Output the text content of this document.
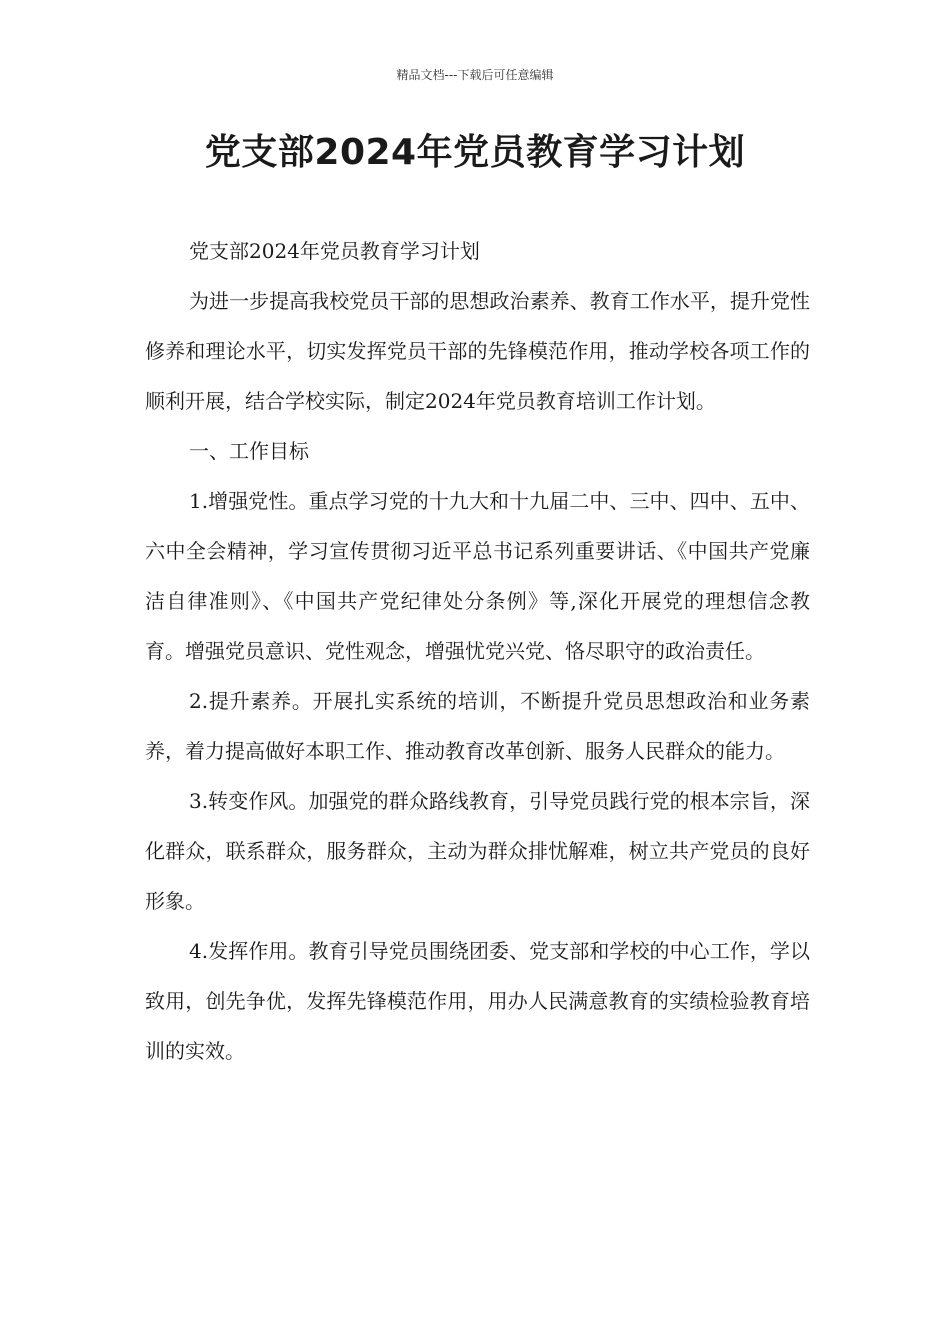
精品文档---下载后可任意编辑
党支部2024年党员教育学习计划

党支部2024年党员教育学习计划

为进一步提高我校党员干部的思想政治素养、教育工作水平，提升党性修养和理论水平，切实发挥党员干部的先锋模范作用，推动学校各项工作的顺利开展，结合学校实际，制定2024年党员教育培训工作计划。

一、工作目标

1.增强党性。重点学习党的十九大和十九届二中、三中、四中、五中、六中全会精神，学习宣传贯彻习近平总书记系列重要讲话、《中国共产党廉洁自律准则》、《中国共产党纪律处分条例》等,深化开展党的理想信念教育。增强党员意识、党性观念，增强忧党兴党、恪尽职守的政治责任。

2.提升素养。开展扎实系统的培训，不断提升党员思想政治和业务素养，着力提高做好本职工作、推动教育改革创新、服务人民群众的能力。

3.转变作风。加强党的群众路线教育，引导党员践行党的根本宗旨，深化群众，联系群众，服务群众，主动为群众排忧解难，树立共产党员的良好形象。

4.发挥作用。教育引导党员围绕团委、党支部和学校的中心工作，学以致用，创先争优，发挥先锋模范作用，用办人民满意教育的实绩检验教育培训的实效。
